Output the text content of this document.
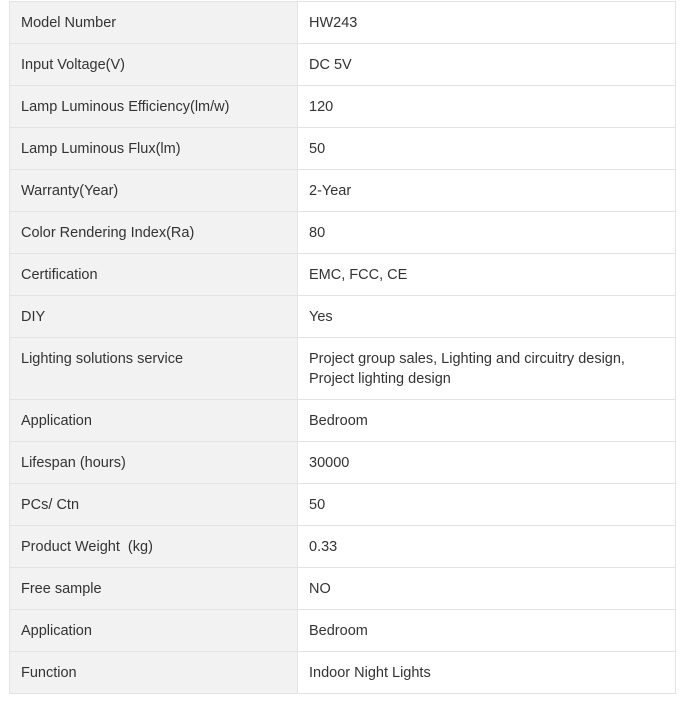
Model Number	HW243
Input Voltage(V)	DC 5V
Lamp Luminous Efficiency(lm/w)	120
Lamp Luminous Flux(lm)	50
Warranty(Year)	2-Year
Color Rendering Index(Ra)	80
Certification	EMC, FCC, CE
DIY	Yes
Lighting solutions service	Project group sales, Lighting and circuitry design, Project lighting design
Application	Bedroom
Lifespan (hours)	30000
PCs/ Ctn	50
Product Weight  (kg)	0.33
Free sample	NO
Application	Bedroom
Function	Indoor Night Lights
